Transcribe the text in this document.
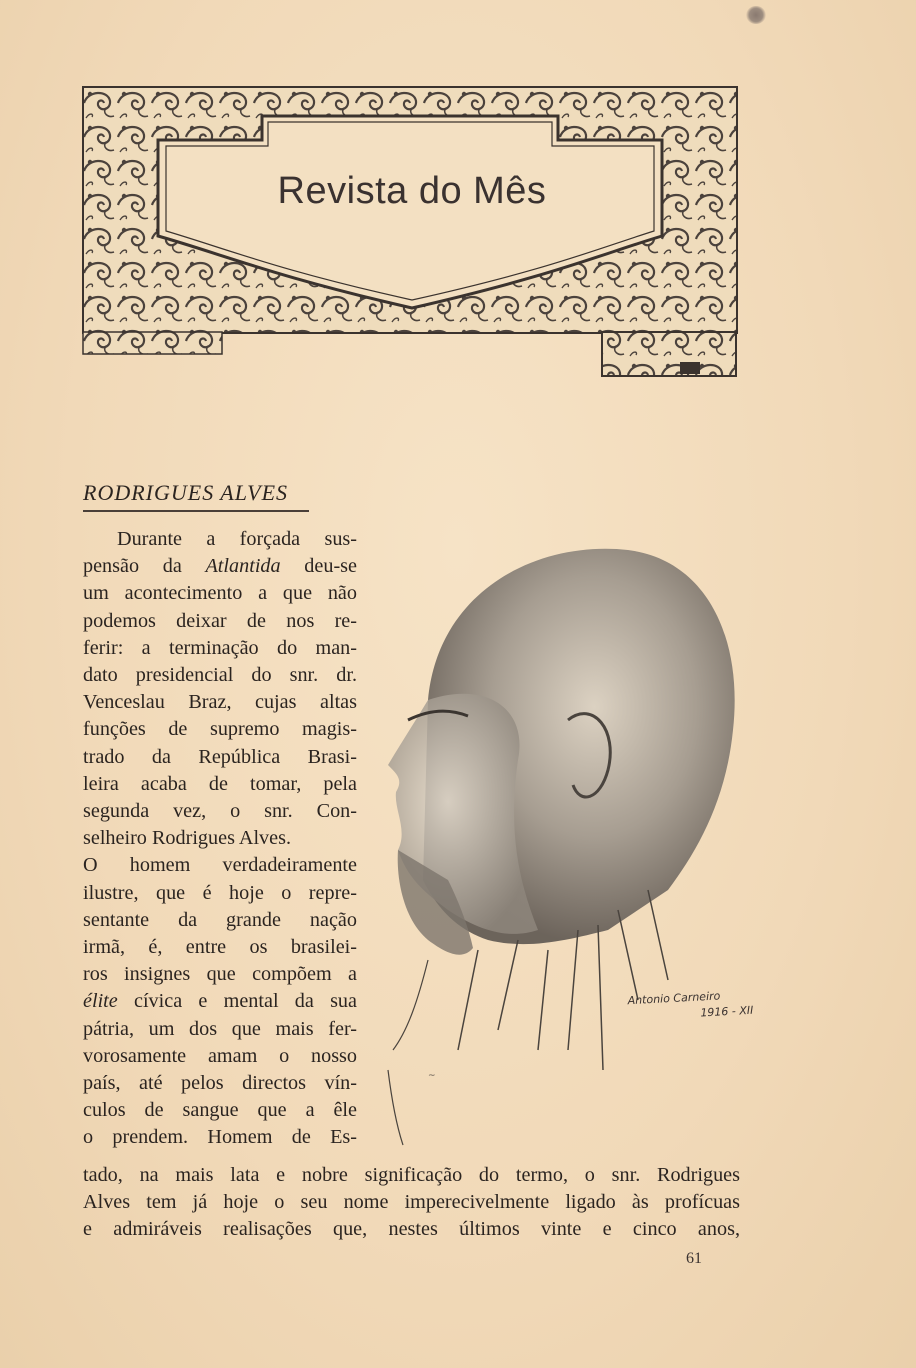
Revista do Mês
RODRIGUES ALVES
Durante a forçada sus-
pensão da Atlantida deu-se
um acontecimento a que não
podemos deixar de nos re-
ferir: a terminação do man-
dato presidencial do snr. dr.
Venceslau Braz, cujas altas
funções de supremo magis-
trado da República Brasi-
leira acaba de tomar, pela
segunda vez, o snr. Con-
selheiro Rodrigues Alves.
O homem verdadeiramente
ilustre, que é hoje o repre-
sentante da grande nação
irmã, é, entre os brasilei-
ros insignes que compõem a
élite cívica e mental da sua
pátria, um dos que mais fer-
vorosamente amam o nosso
país, até pelos directos vín-
culos de sangue que a êle
o prendem. Homem de Es-
~
Antonio Carneiro
1916 - XII
tado, na mais lata e nobre significação do termo, o snr. Rodrigues
Alves tem já hoje o seu nome imperecivelmente ligado às profícuas
e admiráveis realisações que, nestes últimos vinte e cinco anos,
61
